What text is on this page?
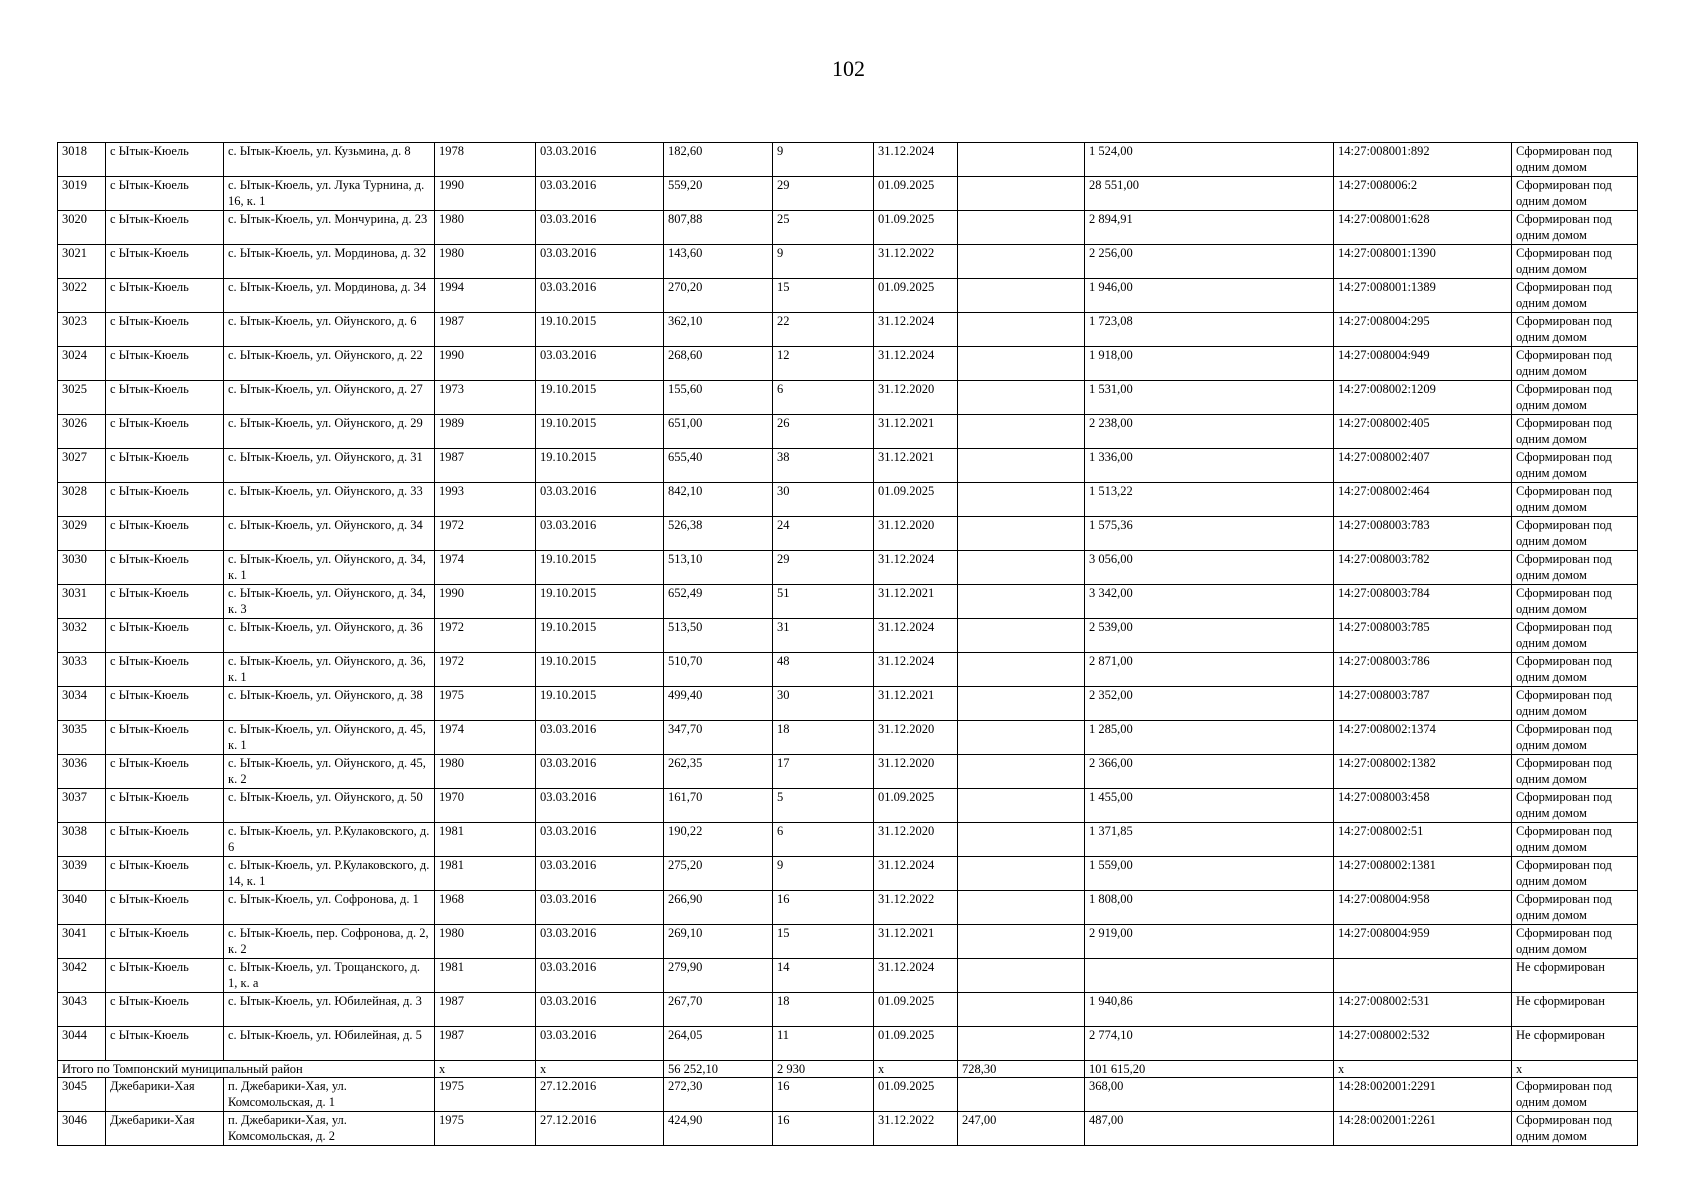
102
3018	с Ытык-Кюель	с. Ытык-Кюель, ул. Кузьмина, д. 8	1978	03.03.2016	182,60	9	31.12.2024		1 524,00	14:27:008001:892	Сформирован под одним домом
3019	с Ытык-Кюель	с. Ытык-Кюель, ул. Лука Турнина, д. 16, к. 1	1990	03.03.2016	559,20	29	01.09.2025		28 551,00	14:27:008006:2	Сформирован под одним домом
3020	с Ытык-Кюель	с. Ытык-Кюель, ул. Мончурина, д. 23	1980	03.03.2016	807,88	25	01.09.2025		2 894,91	14:27:008001:628	Сформирован под одним домом
3021	с Ытык-Кюель	с. Ытык-Кюель, ул. Мординова, д. 32	1980	03.03.2016	143,60	9	31.12.2022		2 256,00	14:27:008001:1390	Сформирован под одним домом
3022	с Ытык-Кюель	с. Ытык-Кюель, ул. Мординова, д. 34	1994	03.03.2016	270,20	15	01.09.2025		1 946,00	14:27:008001:1389	Сформирован под одним домом
3023	с Ытык-Кюель	с. Ытык-Кюель, ул. Ойунского, д. 6	1987	19.10.2015	362,10	22	31.12.2024		1 723,08	14:27:008004:295	Сформирован под одним домом
3024	с Ытык-Кюель	с. Ытык-Кюель, ул. Ойунского, д. 22	1990	03.03.2016	268,60	12	31.12.2024		1 918,00	14:27:008004:949	Сформирован под одним домом
3025	с Ытык-Кюель	с. Ытык-Кюель, ул. Ойунского, д. 27	1973	19.10.2015	155,60	6	31.12.2020		1 531,00	14:27:008002:1209	Сформирован под одним домом
3026	с Ытык-Кюель	с. Ытык-Кюель, ул. Ойунского, д. 29	1989	19.10.2015	651,00	26	31.12.2021		2 238,00	14:27:008002:405	Сформирован под одним домом
3027	с Ытык-Кюель	с. Ытык-Кюель, ул. Ойунского, д. 31	1987	19.10.2015	655,40	38	31.12.2021		1 336,00	14:27:008002:407	Сформирован под одним домом
3028	с Ытык-Кюель	с. Ытык-Кюель, ул. Ойунского, д. 33	1993	03.03.2016	842,10	30	01.09.2025		1 513,22	14:27:008002:464	Сформирован под одним домом
3029	с Ытык-Кюель	с. Ытык-Кюель, ул. Ойунского, д. 34	1972	03.03.2016	526,38	24	31.12.2020		1 575,36	14:27:008003:783	Сформирован под одним домом
3030	с Ытык-Кюель	с. Ытык-Кюель, ул. Ойунского, д. 34, к. 1	1974	19.10.2015	513,10	29	31.12.2024		3 056,00	14:27:008003:782	Сформирован под одним домом
3031	с Ытык-Кюель	с. Ытык-Кюель, ул. Ойунского, д. 34, к. 3	1990	19.10.2015	652,49	51	31.12.2021		3 342,00	14:27:008003:784	Сформирован под одним домом
3032	с Ытык-Кюель	с. Ытык-Кюель, ул. Ойунского, д. 36	1972	19.10.2015	513,50	31	31.12.2024		2 539,00	14:27:008003:785	Сформирован под одним домом
3033	с Ытык-Кюель	с. Ытык-Кюель, ул. Ойунского, д. 36, к. 1	1972	19.10.2015	510,70	48	31.12.2024		2 871,00	14:27:008003:786	Сформирован под одним домом
3034	с Ытык-Кюель	с. Ытык-Кюель, ул. Ойунского, д. 38	1975	19.10.2015	499,40	30	31.12.2021		2 352,00	14:27:008003:787	Сформирован под одним домом
3035	с Ытык-Кюель	с. Ытык-Кюель, ул. Ойунского, д. 45, к. 1	1974	03.03.2016	347,70	18	31.12.2020		1 285,00	14:27:008002:1374	Сформирован под одним домом
3036	с Ытык-Кюель	с. Ытык-Кюель, ул. Ойунского, д. 45, к. 2	1980	03.03.2016	262,35	17	31.12.2020		2 366,00	14:27:008002:1382	Сформирован под одним домом
3037	с Ытык-Кюель	с. Ытык-Кюель, ул. Ойунского, д. 50	1970	03.03.2016	161,70	5	01.09.2025		1 455,00	14:27:008003:458	Сформирован под одним домом
3038	с Ытык-Кюель	с. Ытык-Кюель, ул. Р.Кулаковского, д. 6	1981	03.03.2016	190,22	6	31.12.2020		1 371,85	14:27:008002:51	Сформирован под одним домом
3039	с Ытык-Кюель	с. Ытык-Кюель, ул. Р.Кулаковского, д. 14, к. 1	1981	03.03.2016	275,20	9	31.12.2024		1 559,00	14:27:008002:1381	Сформирован под одним домом
3040	с Ытык-Кюель	с. Ытык-Кюель, ул. Софронова, д. 1	1968	03.03.2016	266,90	16	31.12.2022		1 808,00	14:27:008004:958	Сформирован под одним домом
3041	с Ытык-Кюель	с. Ытык-Кюель, пер. Софронова, д. 2, к. 2	1980	03.03.2016	269,10	15	31.12.2021		2 919,00	14:27:008004:959	Сформирован под одним домом
3042	с Ытык-Кюель	с. Ытык-Кюель, ул. Трощанского, д. 1, к. а	1981	03.03.2016	279,90	14	31.12.2024				Не сформирован
3043	с Ытык-Кюель	с. Ытык-Кюель, ул. Юбилейная, д. 3	1987	03.03.2016	267,70	18	01.09.2025		1 940,86	14:27:008002:531	Не сформирован
3044	с Ытык-Кюель	с. Ытык-Кюель, ул. Юбилейная, д. 5	1987	03.03.2016	264,05	11	01.09.2025		2 774,10	14:27:008002:532	Не сформирован
Итого по Томпонский муниципальный район			х	х	56 252,10	2 930	х	728,30	101 615,20	х	х
3045	Джебарики-Хая	п. Джебарики-Хая, ул. Комсомольская, д. 1	1975	27.12.2016	272,30	16	01.09.2025		368,00	14:28:002001:2291	Сформирован под одним домом
3046	Джебарики-Хая	п. Джебарики-Хая, ул. Комсомольская, д. 2	1975	27.12.2016	424,90	16	31.12.2022	247,00	487,00	14:28:002001:2261	Сформирован под одним домом
